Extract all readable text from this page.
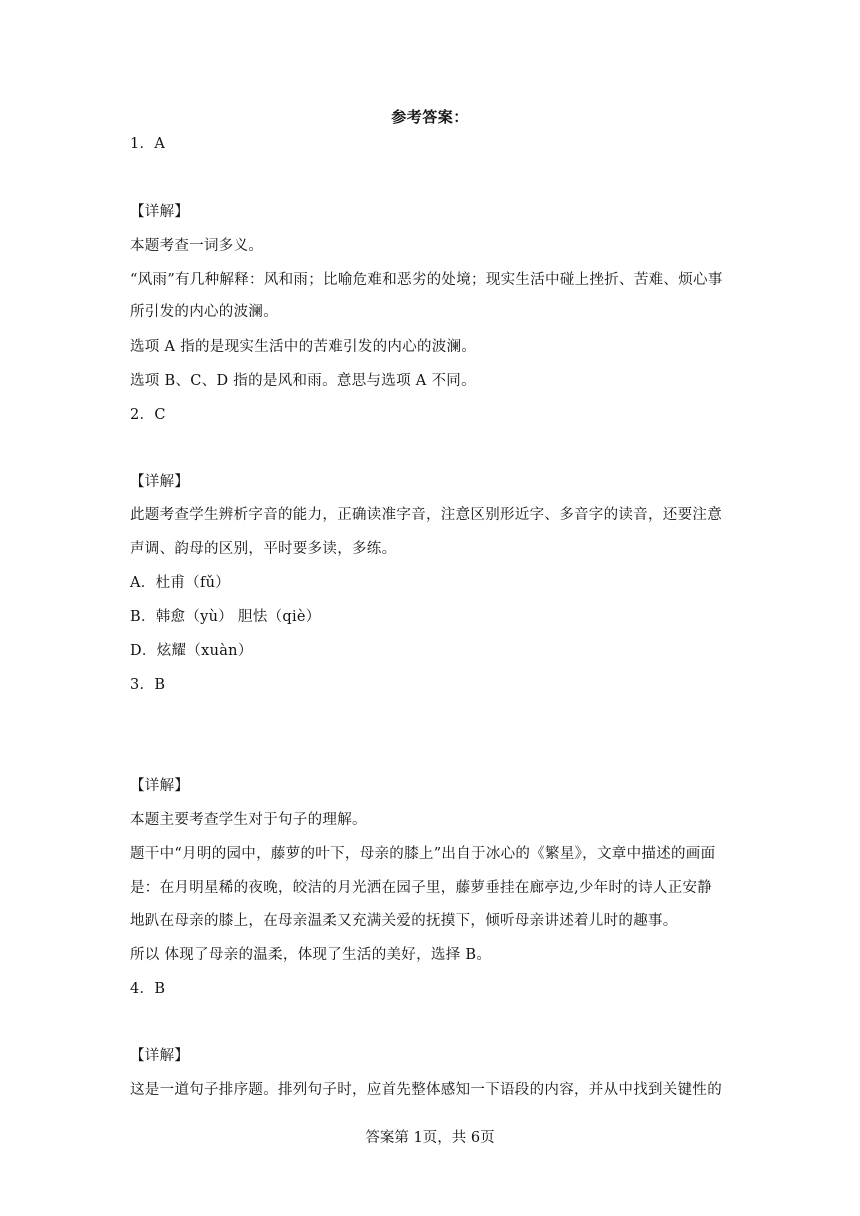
参考答案：
1．A
【详解】
本题考查一词多义。
“风雨”有几种解释：风和雨；比喻危难和恶劣的处境；现实生活中碰上挫折、苦难、烦心事
所引发的内心的波澜。
选项 A 指的是现实生活中的苦难引发的内心的波澜。
选项 B、C、D 指的是风和雨。意思与选项 A 不同。
2．C
【详解】
此题考查学生辨析字音的能力，正确读准字音，注意区别形近字、多音字的读音，还要注意
声调、韵母的区别，平时要多读，多练。
A．杜甫（fǔ）
B．韩愈（yù） 胆怯（qiè）
D．炫耀（xuàn）
3．B
【详解】
本题主要考查学生对于句子的理解。
题干中“月明的园中，藤萝的叶下，母亲的膝上”出自于冰心的《繁星》，文章中描述的画面
是：在月明星稀的夜晚，皎洁的月光洒在园子里，藤萝垂挂在廊亭边,少年时的诗人正安静
地趴在母亲的膝上，在母亲温柔又充满关爱的抚摸下，倾听母亲讲述着儿时的趣事。
所以 体现了母亲的温柔，体现了生活的美好，选择 B。
4．B
【详解】
这是一道句子排序题。排列句子时，应首先整体感知一下语段的内容，并从中找到关键性的
答案第 1页，共 6页
